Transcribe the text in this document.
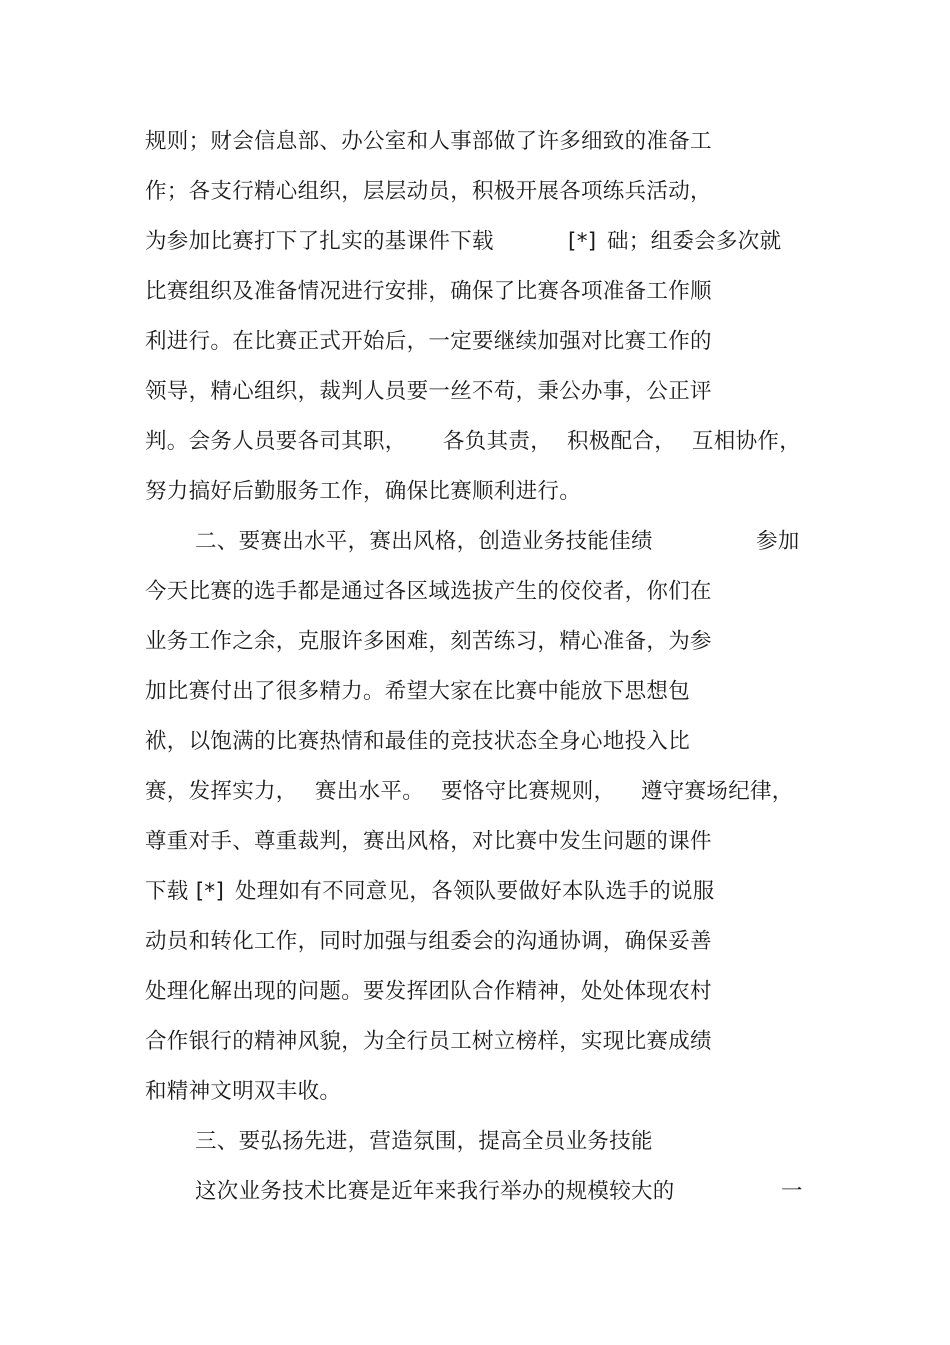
规则；财会信息部、办公室和人事部做了许多细致的准备工
作；各支行精心组织，层层动员，积极开展各项练兵活动，
为参加比赛打下了扎实的基课件下载	[*] 础；组委会多次就
比赛组织及准备情况进行安排，确保了比赛各项准备工作顺
利进行。在比赛正式开始后，一定要继续加强对比赛工作的
领导，精心组织，裁判人员要一丝不苟，秉公办事，公正评
判。会务人员要各司其职， 各负其责， 积极配合， 互相协作，
努力搞好后勤服务工作，确保比赛顺利进行。
二、要赛出水平，赛出风格，创造业务技能佳绩	参加
今天比赛的选手都是通过各区域选拔产生的佼佼者，你们在
业务工作之余，克服许多困难，刻苦练习，精心准备，为参
加比赛付出了很多精力。希望大家在比赛中能放下思想包
袱，以饱满的比赛热情和最佳的竞技状态全身心地投入比
赛，发挥实力， 赛出水平。 要恪守比赛规则， 遵守赛场纪律，
尊重对手、尊重裁判，赛出风格，对比赛中发生问题的课件
下载 [*] 处理如有不同意见，各领队要做好本队选手的说服
动员和转化工作，同时加强与组委会的沟通协调，确保妥善
处理化解出现的问题。要发挥团队合作精神，处处体现农村
合作银行的精神风貌，为全行员工树立榜样，实现比赛成绩
和精神文明双丰收。
三、要弘扬先进，营造氛围，提高全员业务技能
这次业务技术比赛是近年来我行举办的规模较大的	一
